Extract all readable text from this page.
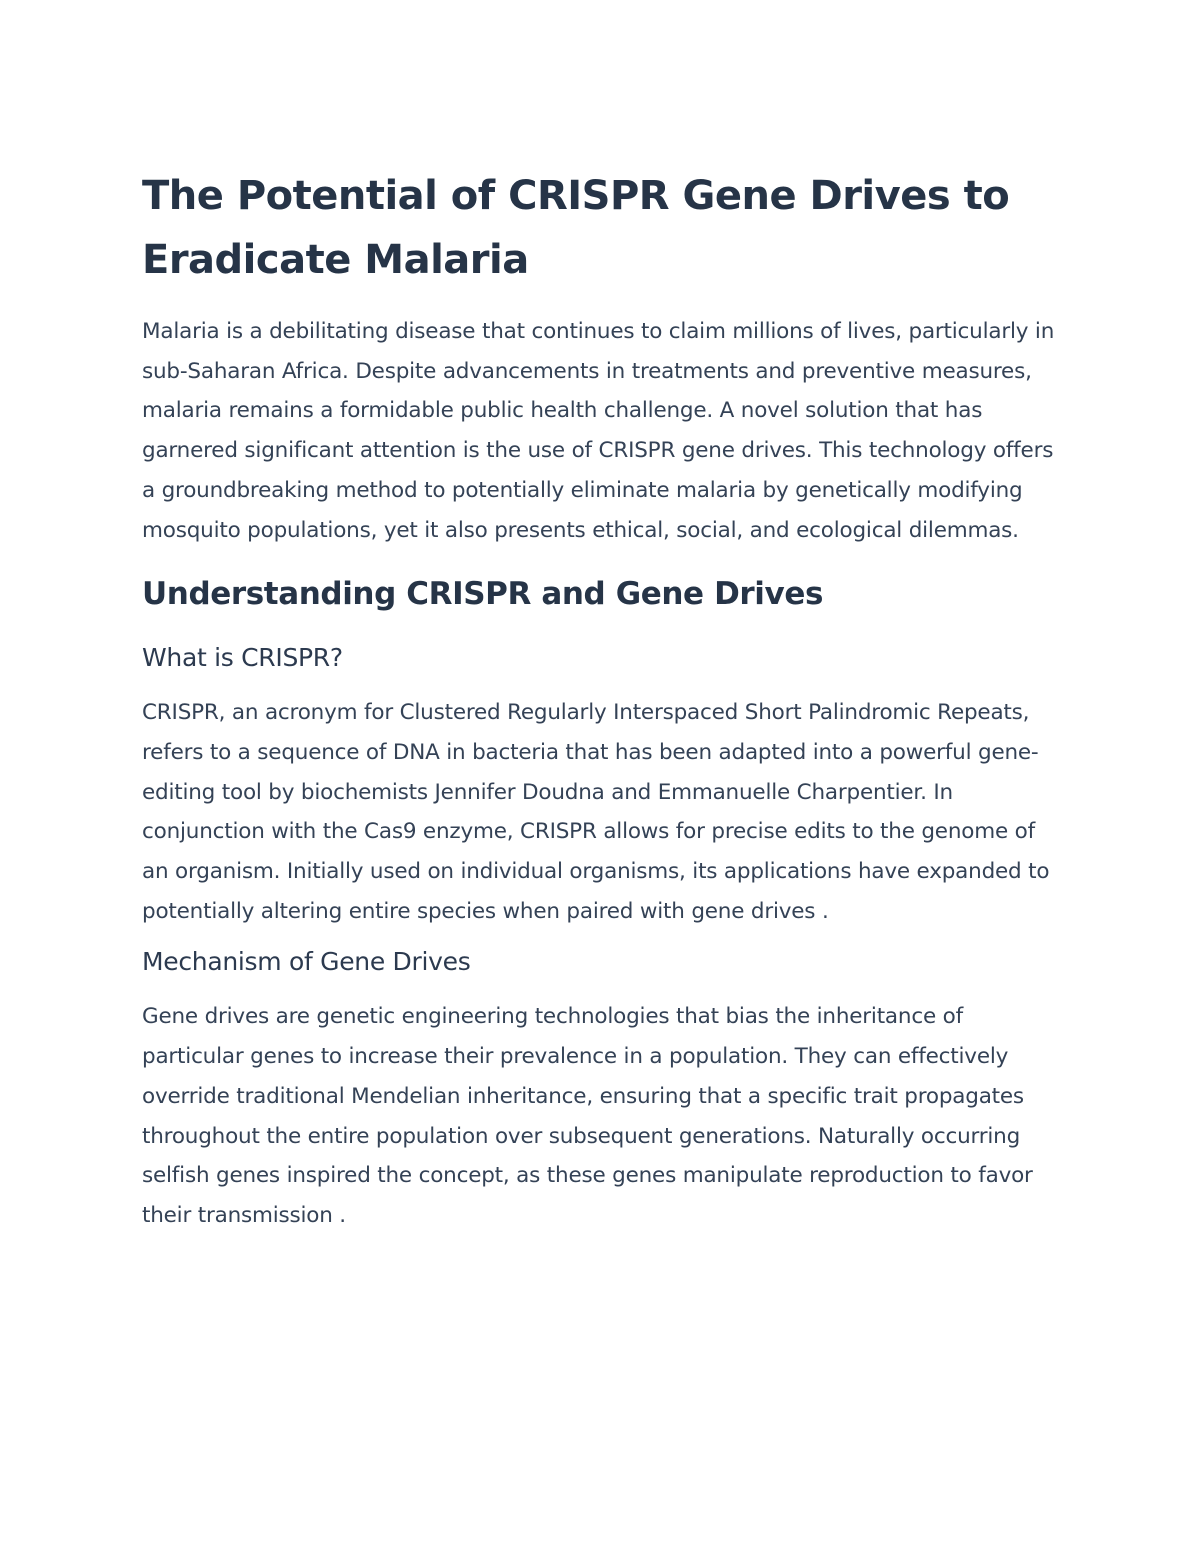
The Potential of CRISPR Gene Drives to Eradicate Malaria

Malaria is a debilitating disease that continues to claim millions of lives, particularly in sub-Saharan Africa. Despite advancements in treatments and preventive measures, malaria remains a formidable public health challenge. A novel solution that has garnered significant attention is the use of CRISPR gene drives. This technology offers a groundbreaking method to potentially eliminate malaria by genetically modifying mosquito populations, yet it also presents ethical, social, and ecological dilemmas.

Understanding CRISPR and Gene Drives
What is CRISPR?

CRISPR, an acronym for Clustered Regularly Interspaced Short Palindromic Repeats, refers to a sequence of DNA in bacteria that has been adapted into a powerful gene-editing tool by biochemists Jennifer Doudna and Emmanuelle Charpentier. In conjunction with the Cas9 enzyme, CRISPR allows for precise edits to the genome of an organism. Initially used on individual organisms, its applications have expanded to potentially altering entire species when paired with gene drives .

Mechanism of Gene Drives

Gene drives are genetic engineering technologies that bias the inheritance of particular genes to increase their prevalence in a population. They can effectively override traditional Mendelian inheritance, ensuring that a specific trait propagates throughout the entire population over subsequent generations. Naturally occurring selfish genes inspired the concept, as these genes manipulate reproduction to favor their transmission .
